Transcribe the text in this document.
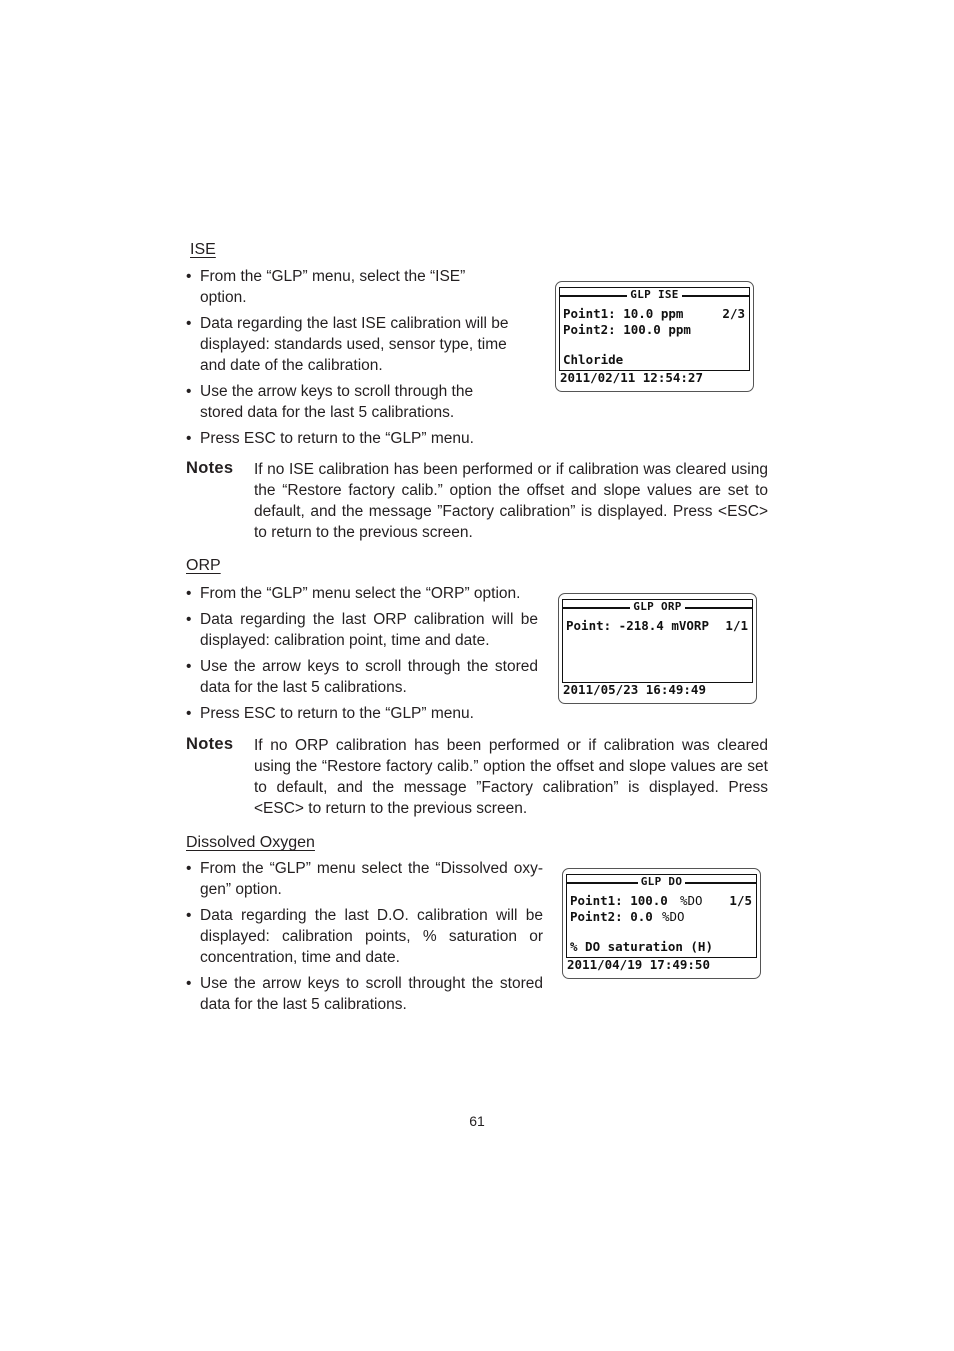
ISE
• From the “GLP” menu, select the “ISE” option.
• Data regarding the last ISE calibration will be displayed: standards used, sensor type, time and date of the calibration.
• Use the arrow keys to scroll through the stored data for the last 5 calibrations.
• Press ESC to return to the “GLP” menu.
GLP ISE
Point1: 10.0 ppm	2/3
Point2: 100.0 ppm
Chloride
2011/02/11 12:54:27
Notes If no ISE calibration has been performed or if calibration was cleared using the “Restore factory calib.” option the offset and slope values are set to default, and the message ”Factory calibration” is displayed. Press <ESC> to return to the previous screen.
ORP
• From the “GLP” menu select the “ORP” option.
• Data regarding the last ORP calibration will be displayed: calibration point, time and date.
• Use the arrow keys to scroll through the stored data for the last 5 calibrations.
• Press ESC to return to the “GLP” menu.
GLP ORP
Point: -218.4 mVORP 1/1
2011/05/23 16:49:49
Notes If no ORP calibration has been performed or if calibration was cleared using the “Restore factory calib.” option the offset and slope values are set to default, and the message ”Factory calibration” is displayed. Press <ESC> to return to the previous screen.
Dissolved Oxygen
• From the “GLP” menu select the “Dissolved oxy-gen” option.
• Data regarding the last D.O. calibration will be displayed: calibration points, % saturation or concentration, time and date.
• Use the arrow keys to scroll throught the stored data for the last 5 calibrations.
GLP DO
Point1: 100.0 %DO 1/5
Point2: 0.0 %DO
% DO saturation (H)
2011/04/19 17:49:50
61
